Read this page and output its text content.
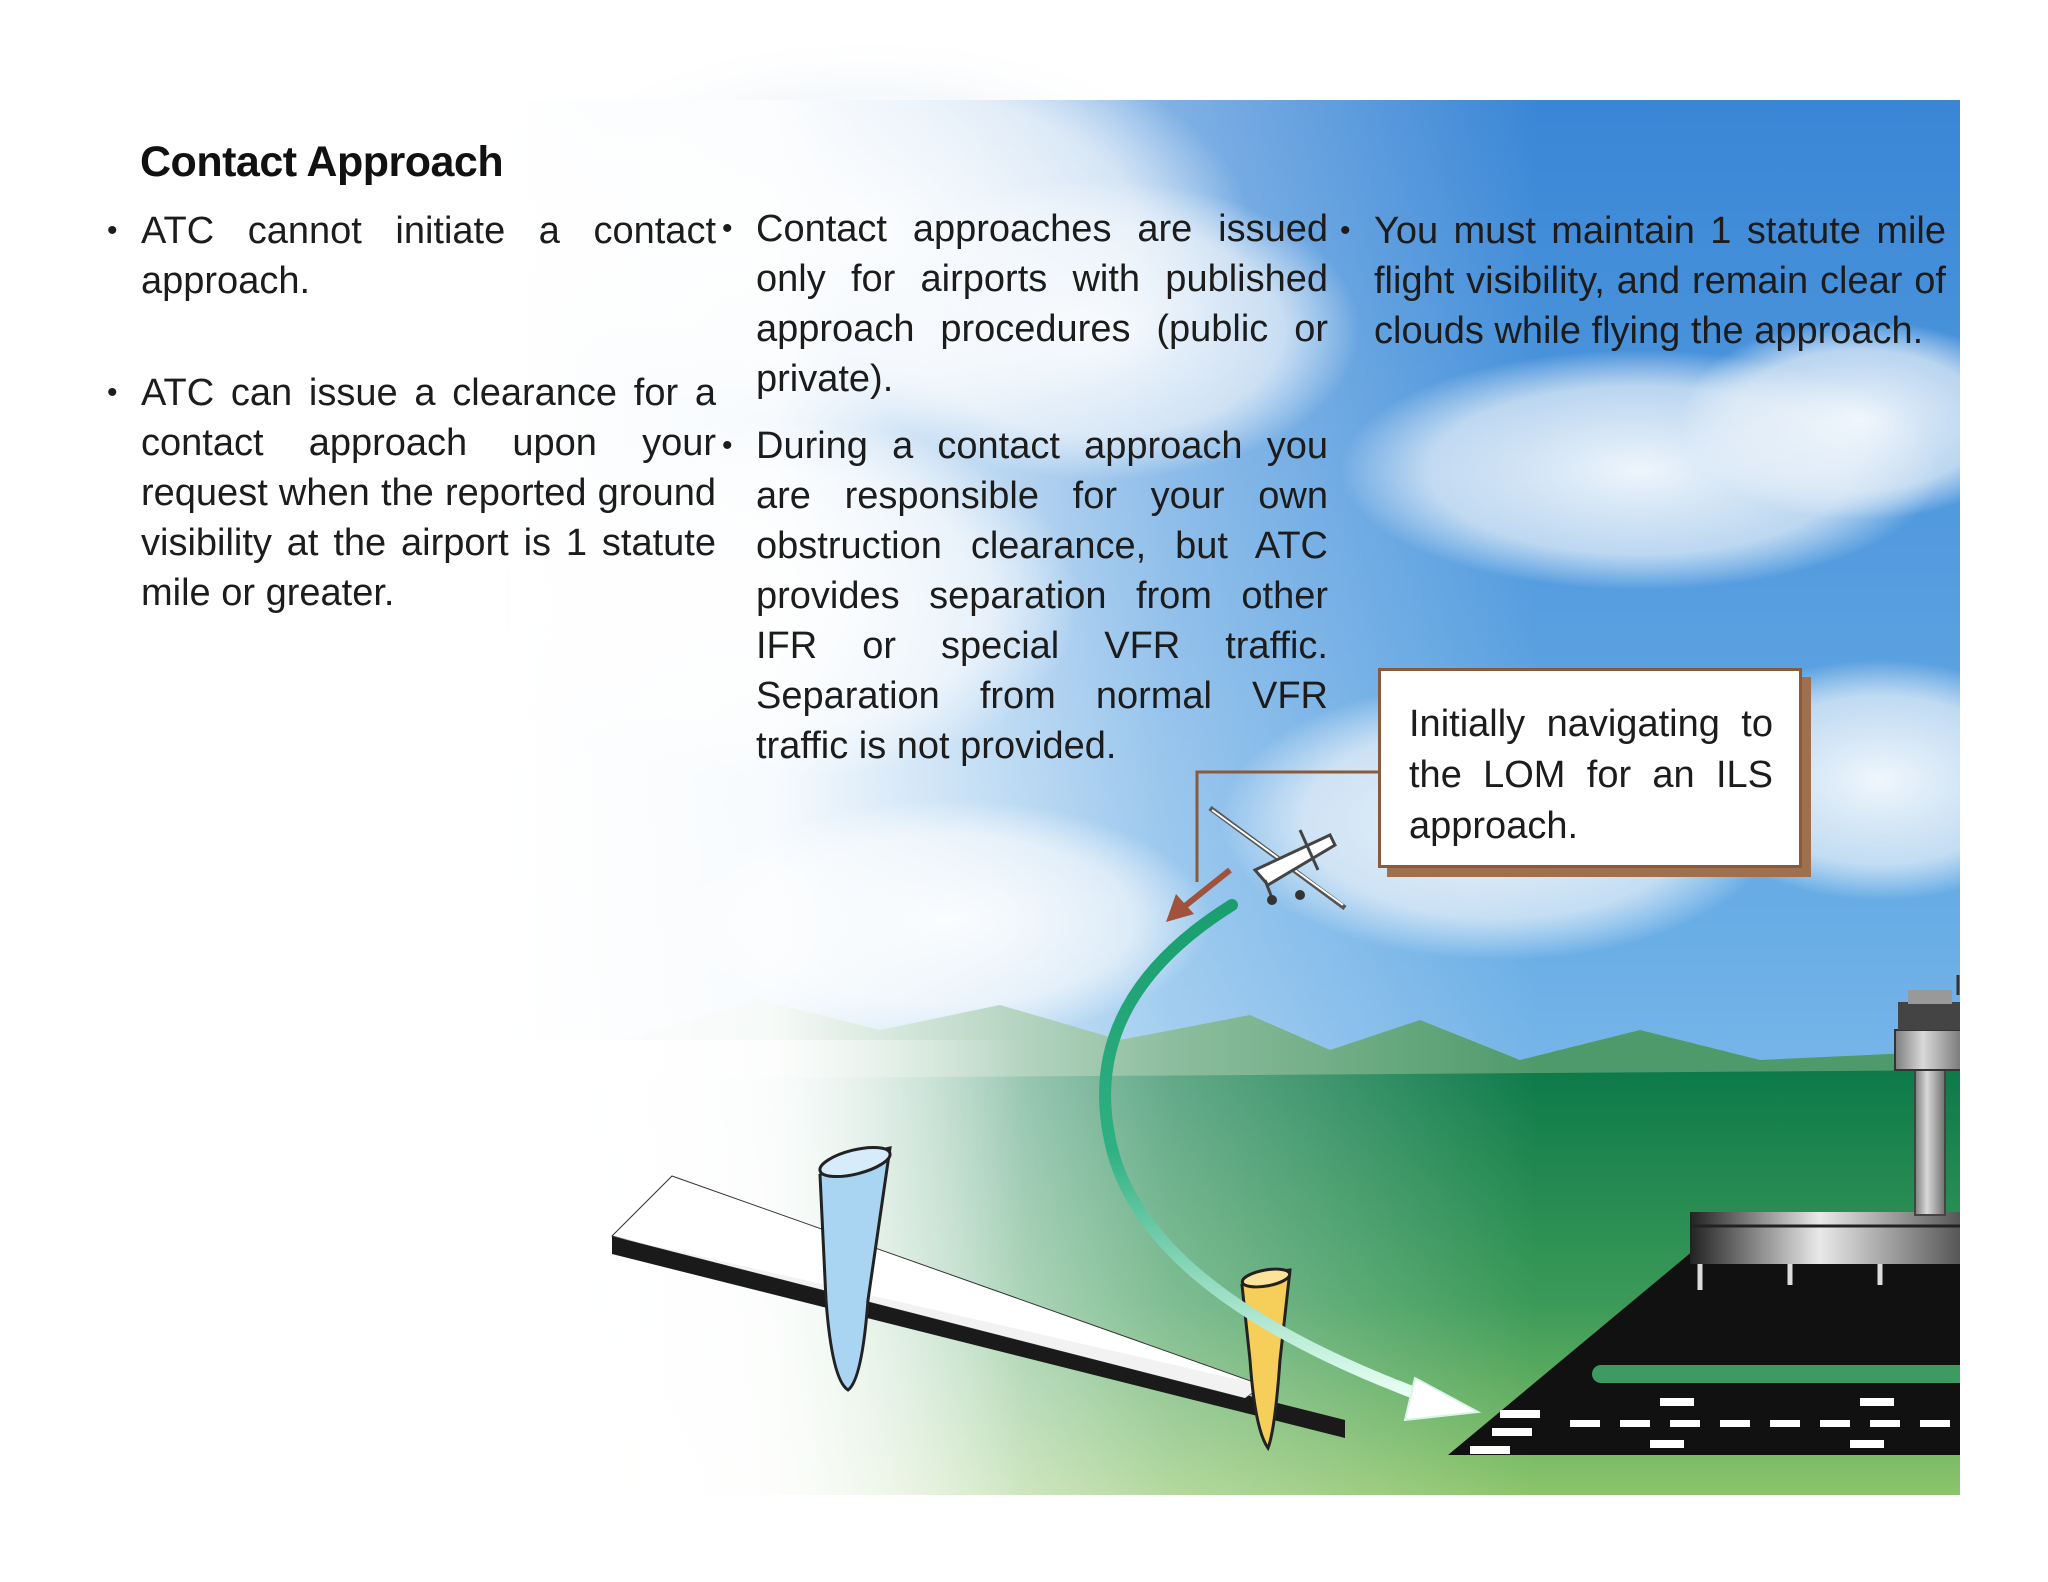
Contact Approach
• ATC cannot initiate a contact approach.
• ATC can issue a clearance for a contact approach upon your request when the reported ground visibility at the airport is 1 statute mile or greater.
• Contact approaches are issued only for airports with published approach procedures (public or private).
• During a contact approach you are responsible for your own obstruction clearance, but ATC provides separation from other IFR or special VFR traffic. Separation from normal VFR traffic is not provided.
• You must maintain 1 statute mile flight visibility, and remain clear of clouds while flying the approach.
Initially navigating to the LOM for an ILS approach.
